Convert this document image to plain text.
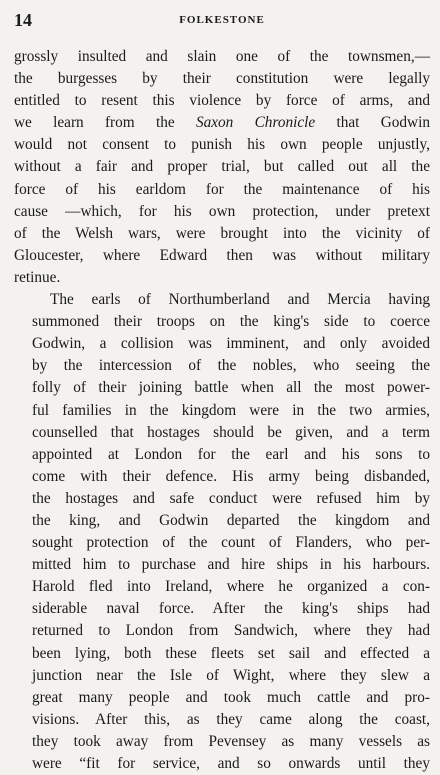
14	FOLKESTONE

grossly insulted and slain one of the townsmen,—
the burgesses by their constitution were legally
entitled to resent this violence by force of arms, and
we learn from the Saxon Chronicle that Godwin
would not consent to punish his own people unjustly,
without a fair and proper trial, but called out all the
force of his earldom for the maintenance of his
cause —which, for his own protection, under pretext
of the Welsh wars, were brought into the vicinity of
Gloucester, where Edward then was without military
retinue.

The earls of Northumberland and Mercia having
summoned their troops on the king's side to coerce
Godwin, a collision was imminent, and only avoided
by the intercession of the nobles, who seeing the
folly of their joining battle when all the most power-
ful families in the kingdom were in the two armies,
counselled that hostages should be given, and a term
appointed at London for the earl and his sons to
come with their defence. His army being disbanded,
the hostages and safe conduct were refused him by
the king, and Godwin departed the kingdom and
sought protection of the count of Flanders, who per-
mitted him to purchase and hire ships in his harbours.
Harold fled into Ireland, where he organized a con-
siderable naval force. After the king's ships had
returned to London from Sandwich, where they had
been lying, both these fleets set sail and effected a
junction near the Isle of Wight, where they slew a
great many people and took much cattle and pro-
visions. After this, as they came along the coast,
they took away from Pevensey as many vessels as
were “fit for service, and so onwards until they
